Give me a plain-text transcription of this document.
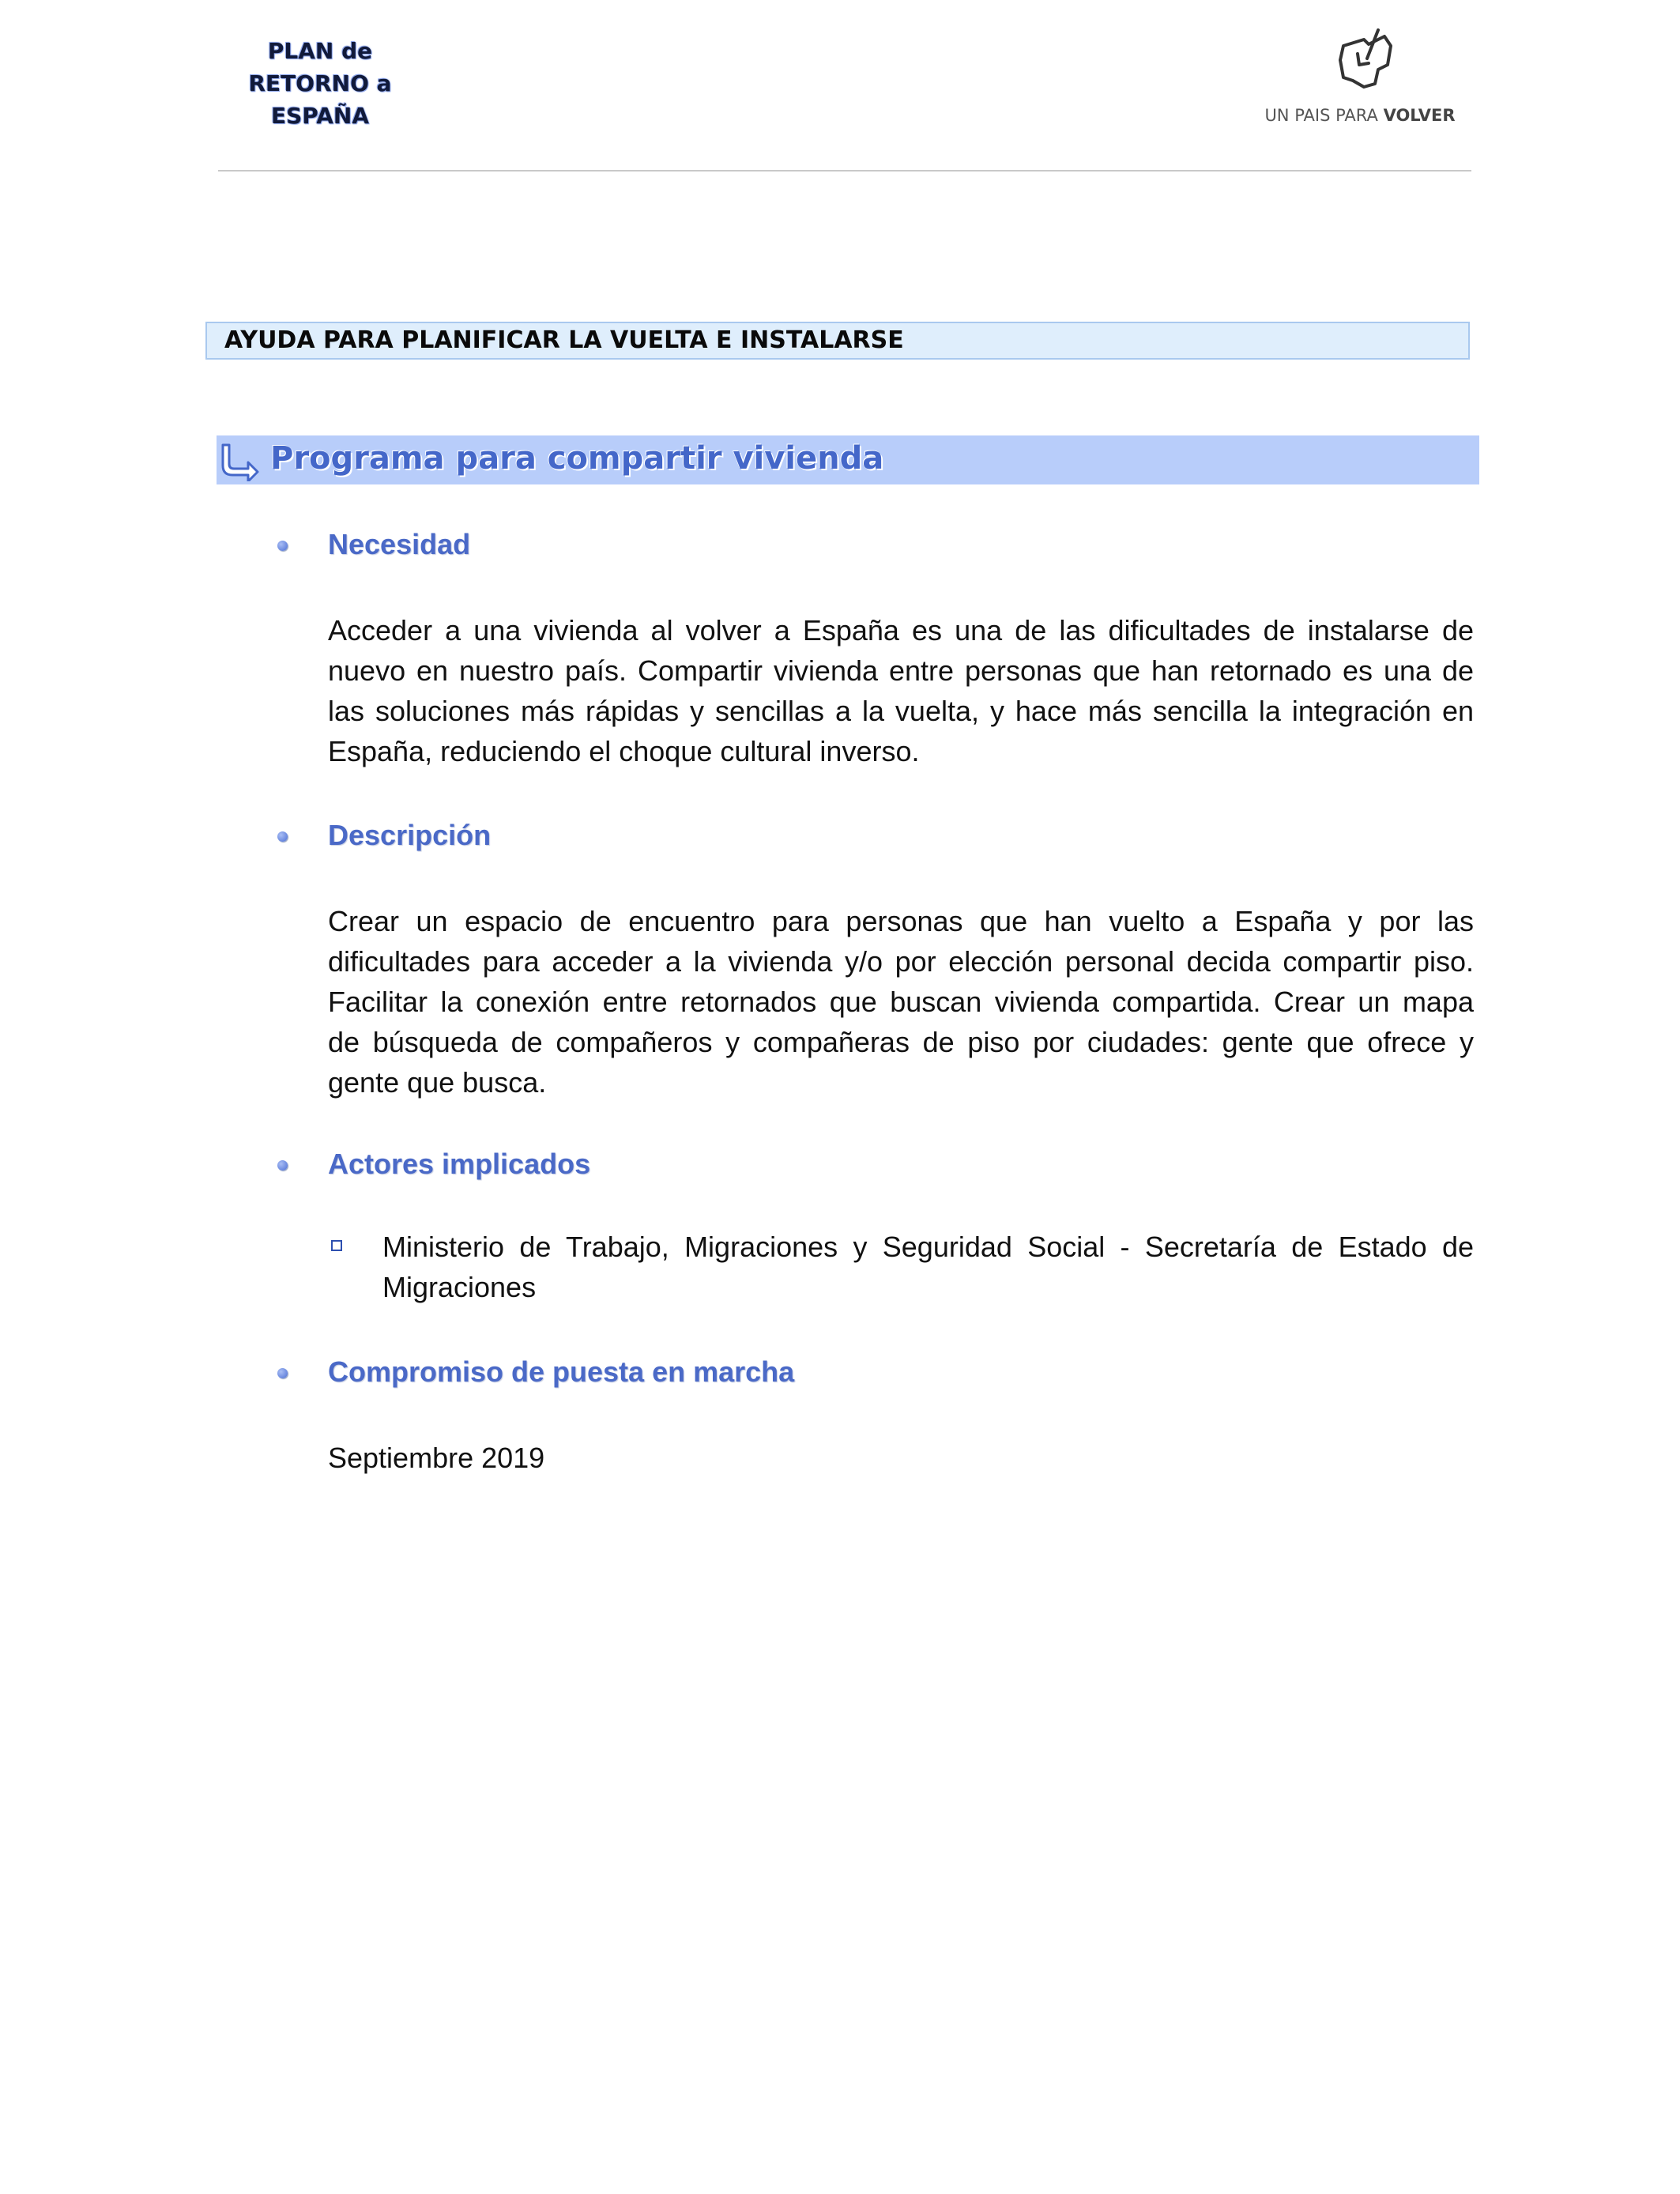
PLAN de
RETORNO a
ESPAÑA	UN PAIS PARA VOLVER
AYUDA PARA PLANIFICAR LA VUELTA E INSTALARSE
Programa para compartir vivienda
Necesidad
Acceder a una vivienda al volver a España es una de las dificultades de instalarse de
nuevo en nuestro país. Compartir vivienda entre personas que han retornado es una de
las soluciones más rápidas y sencillas a la vuelta, y hace más sencilla la integración en
España, reduciendo el choque cultural inverso.
Descripción
Crear un espacio de encuentro para personas que han vuelto a España y por las
dificultades para acceder a la vivienda y/o por elección personal decida compartir piso.
Facilitar la conexión entre retornados que buscan vivienda compartida. Crear un mapa
de búsqueda de compañeros y compañeras de piso por ciudades: gente que ofrece y
gente que busca.
Actores implicados
Ministerio de Trabajo, Migraciones y Seguridad Social - Secretaría de Estado de
Migraciones
Compromiso de puesta en marcha
Septiembre 2019
